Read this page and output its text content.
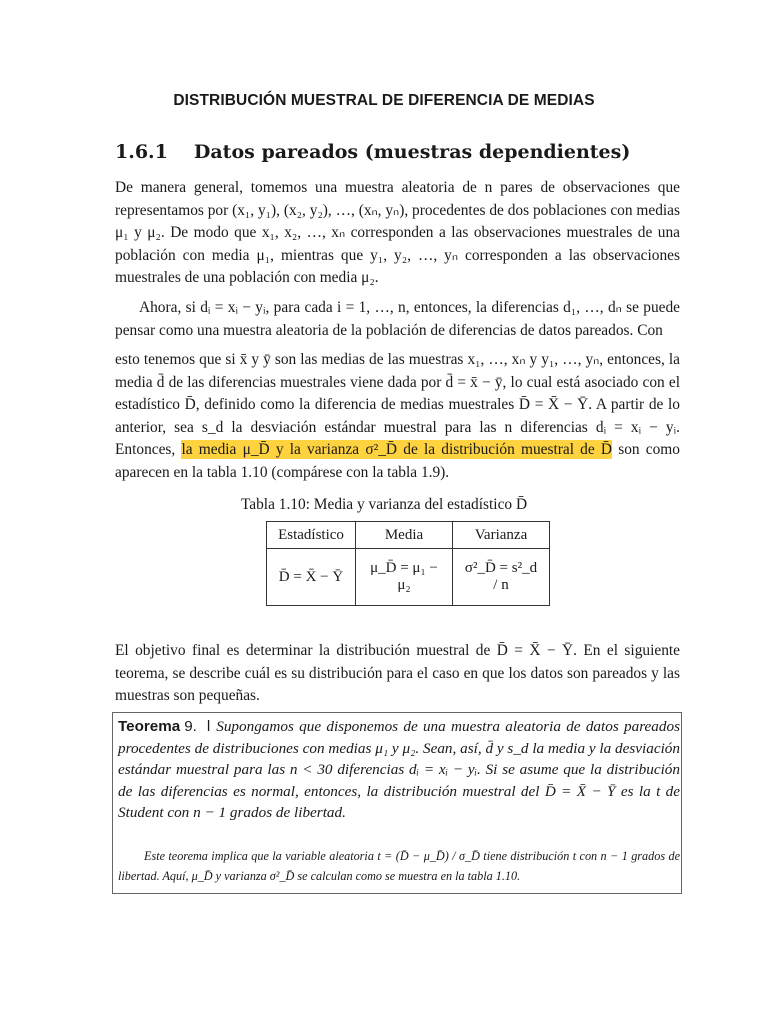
DISTRIBUCIÓN MUESTRAL DE DIFERENCIA DE MEDIAS
1.6.1 Datos pareados (muestras dependientes)
De manera general, tomemos una muestra aleatoria de n pares de observaciones que representamos por (x₁, y₁), (x₂, y₂), …, (xₙ, yₙ), procedentes de dos poblaciones con medias μ₁ y μ₂. De modo que x₁, x₂, …, xₙ corresponden a las observaciones muestrales de una población con media μ₁, mientras que y₁, y₂, …, yₙ corresponden a las observaciones muestrales de una población con media μ₂.
Ahora, si dᵢ = xᵢ − yᵢ, para cada i = 1, …, n, entonces, la diferencias d₁, …, dₙ se puede pensar como una muestra aleatoria de la población de diferencias de datos pareados. Con
esto tenemos que si x̄ y ȳ son las medias de las muestras x₁, …, xₙ y y₁, …, yₙ, entonces, la media d̄ de las diferencias muestrales viene dada por d̄ = x̄ − ȳ, lo cual está asociado con el estadístico D̄, definido como la diferencia de medias muestrales D̄ = X̄ − Ȳ. A partir de lo anterior, sea s_d la desviación estándar muestral para las n diferencias dᵢ = xᵢ − yᵢ. Entonces, la media μ_D̄ y la varianza σ²_D̄ de la distribución muestral de D̄ son como aparecen en la tabla 1.10 (compárese con la tabla 1.9).
Tabla 1.10: Media y varianza del estadístico D̄
Estadístico	Media	Varianza
D̄ = X̄ − Ȳ	μ_D̄ = μ₁ − μ₂	σ²_D̄ = s²_d / n
El objetivo final es determinar la distribución muestral de D̄ = X̄ − Ȳ. En el siguiente teorema, se describe cuál es su distribución para el caso en que los datos son pareados y las muestras son pequeñas.
Teorema 9. l Supongamos que disponemos de una muestra aleatoria de datos pareados procedentes de distribuciones con medias μ₁ y μ₂. Sean, así, d̄ y s_d la media y la desviación estándar muestral para las n < 30 diferencias dᵢ = xᵢ − yᵢ. Si se asume que la distribución de las diferencias es normal, entonces, la distribución muestral del D̄ = X̄ − Ȳ es la t de Student con n − 1 grados de libertad.
Este teorema implica que la variable aleatoria t = (D̄ − μ_D̄) / σ_D̄ tiene distribución t con n − 1 grados de libertad. Aquí, μ_D̄ y varianza σ²_D̄ se calculan como se muestra en la tabla 1.10.
